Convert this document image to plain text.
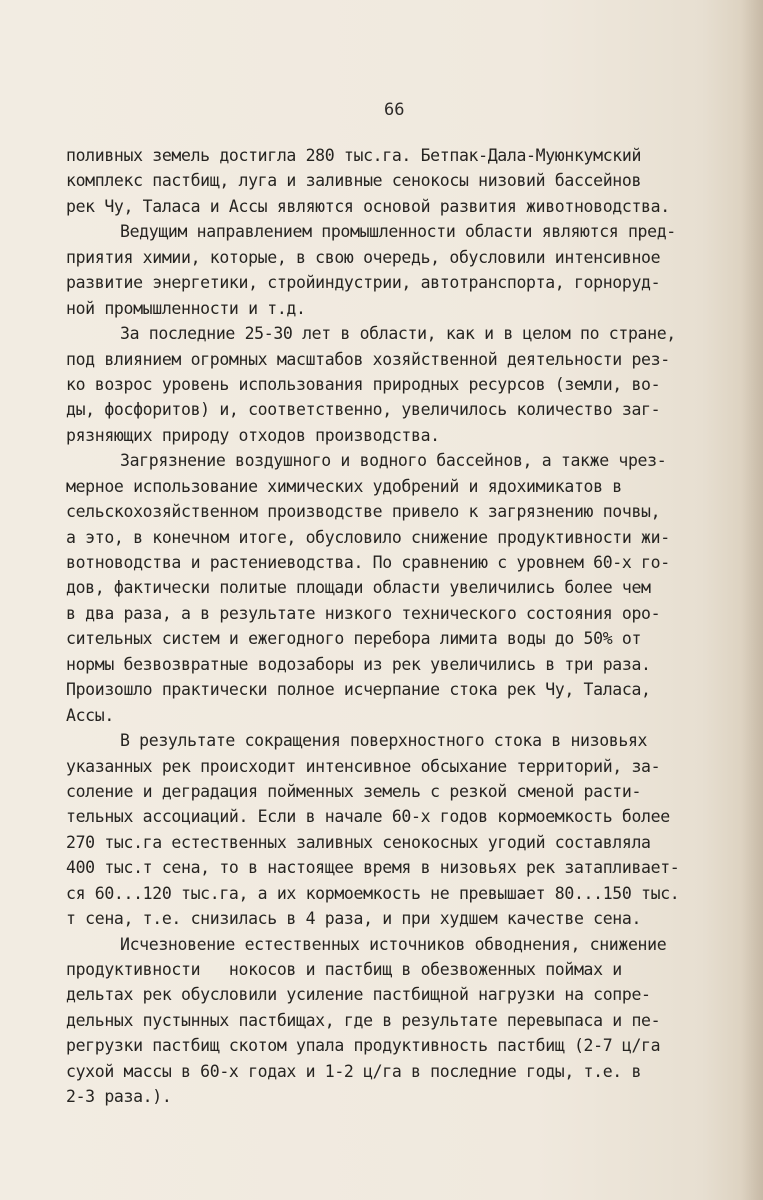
66
поливных земель достигла 280 тыс.га. Бетпак-Дала-Муюнкумский
комплекс пастбищ, луга и заливные сенокосы низовий бассейнов
рек Чу, Таласа и Ассы являются основой развития животноводства.
Ведущим направлением промышленности области являются пред-
приятия химии, которые, в свою очередь, обусловили интенсивное
развитие энергетики, стройиндустрии, автотранспорта, горноруд-
ной промышленности и т.д.
За последние 25-30 лет в области, как и в целом по стране,
под влиянием огромных масштабов хозяйственной деятельности рез-
ко возрос уровень использования природных ресурсов (земли, во-
ды, фосфоритов) и, соответственно, увеличилось количество заг-
рязняющих природу отходов производства.
Загрязнение воздушного и водного бассейнов, а также чрез-
мерное использование химических удобрений и ядохимикатов в
сельскохозяйственном производстве привело к загрязнению почвы,
а это, в конечном итоге, обусловило снижение продуктивности жи-
вотноводства и растениеводства. По сравнению с уровнем 60-х го-
дов, фактически политые площади области увеличились более чем
в два раза, а в результате низкого технического состояния оро-
сительных систем и ежегодного перебора лимита воды до 50% от
нормы безвозвратные водозаборы из рек увеличились в три раза.
Произошло практически полное исчерпание стока рек Чу, Таласа,
Ассы.
В результате сокращения поверхностного стока в низовьях
указанных рек происходит интенсивное обсыхание территорий, за-
соление и деградация пойменных земель с резкой сменой расти-
тельных ассоциаций. Если в начале 60-х годов кормоемкость более
270 тыс.га естественных заливных сенокосных угодий составляла
400 тыс.т сена, то в настоящее время в низовьях рек затапливает-
ся 60...120 тыс.га, а их кормоемкость не превышает 80...150 тыс.
т сена, т.е. снизилась в 4 раза, и при худшем качестве сена.
Исчезновение естественных источников обводнения, снижение
продуктивности   нокосов и пастбищ в обезвоженных поймах и
дельтах рек обусловили усиление пастбищной нагрузки на сопре-
дельных пустынных пастбищах, где в результате перевыпаса и пе-
регрузки пастбищ скотом упала продуктивность пастбищ (2-7 ц/га
сухой массы в 60-х годах и 1-2 ц/га в последние годы, т.е. в
2-3 раза.).
